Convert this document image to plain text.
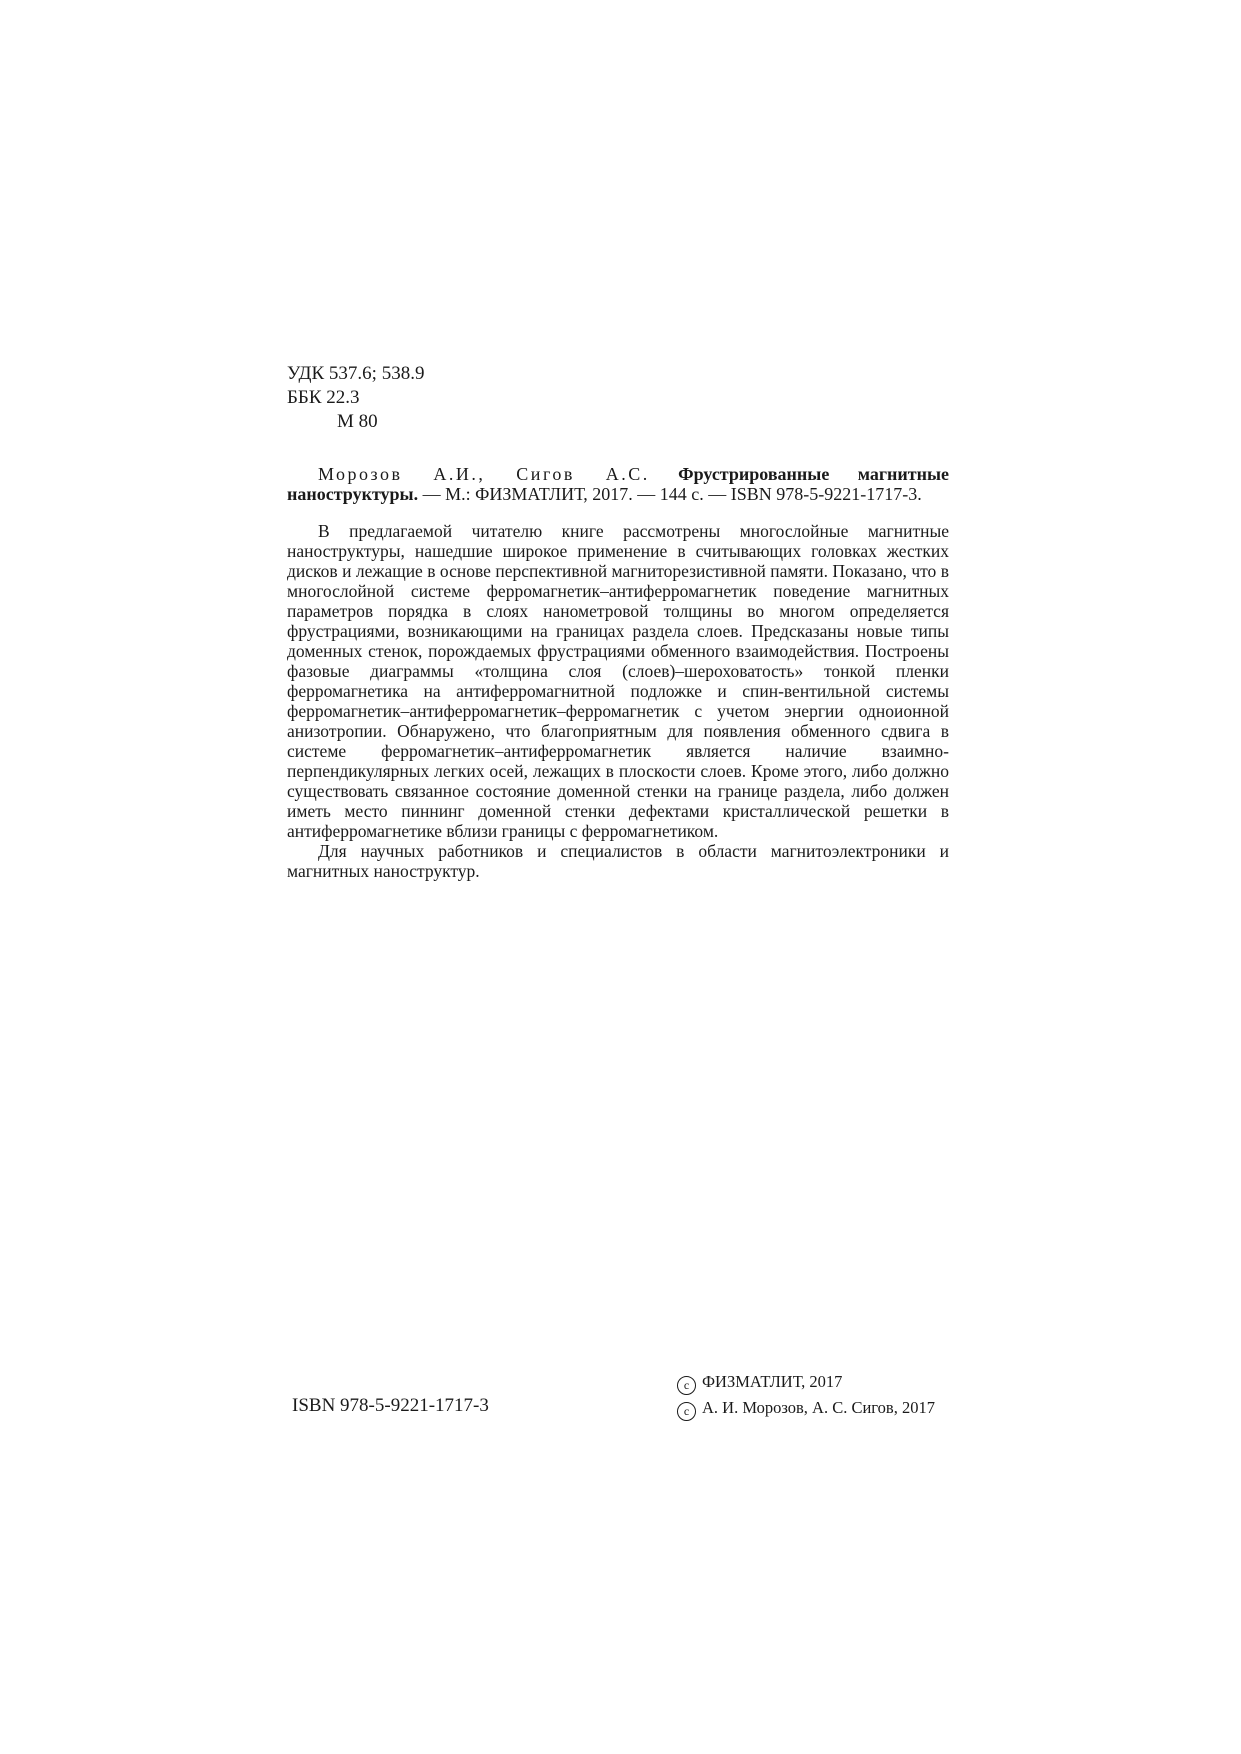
УДК 537.6; 538.9
ББК 22.3
М 80

Морозов А.И., Сигов А.С. Фрустрированные магнитные наноструктуры. — М.: ФИЗМАТЛИТ, 2017. — 144 с. — ISBN 978-5-9221-1717-3.

В предлагаемой читателю книге рассмотрены многослойные магнитные наноструктуры, нашедшие широкое применение в считывающих головках жестких дисков и лежащие в основе перспективной магниторезистивной памяти. Показано, что в многослойной системе ферромагнетик–антиферромагнетик поведение магнитных параметров порядка в слоях нанометровой толщины во многом определяется фрустрациями, возникающими на границах раздела слоев. Предсказаны новые типы доменных стенок, порождаемых фрустрациями обменного взаимодействия. Построены фазовые диаграммы «толщина слоя (слоев)–шероховатость» тонкой пленки ферромагнетика на антиферромагнитной подложке и спин-вентильной системы ферромагнетик–антиферромагнетик–ферромагнетик с учетом энергии одноионной анизотропии. Обнаружено, что благоприятным для появления обменного сдвига в системе ферромагнетик–антиферромагнетик является наличие взаимно-перпендикулярных легких осей, лежащих в плоскости слоев. Кроме этого, либо должно существовать связанное состояние доменной стенки на границе раздела, либо должен иметь место пиннинг доменной стенки дефектами кристаллической решетки в антиферромагнетике вблизи границы с ферромагнетиком.

Для научных работников и специалистов в области магнитоэлектроники и магнитных наноструктур.

ISBN 978-5-9221-1717-3
c ФИЗМАТЛИТ, 2017
c А. И. Морозов, А. С. Сигов, 2017
